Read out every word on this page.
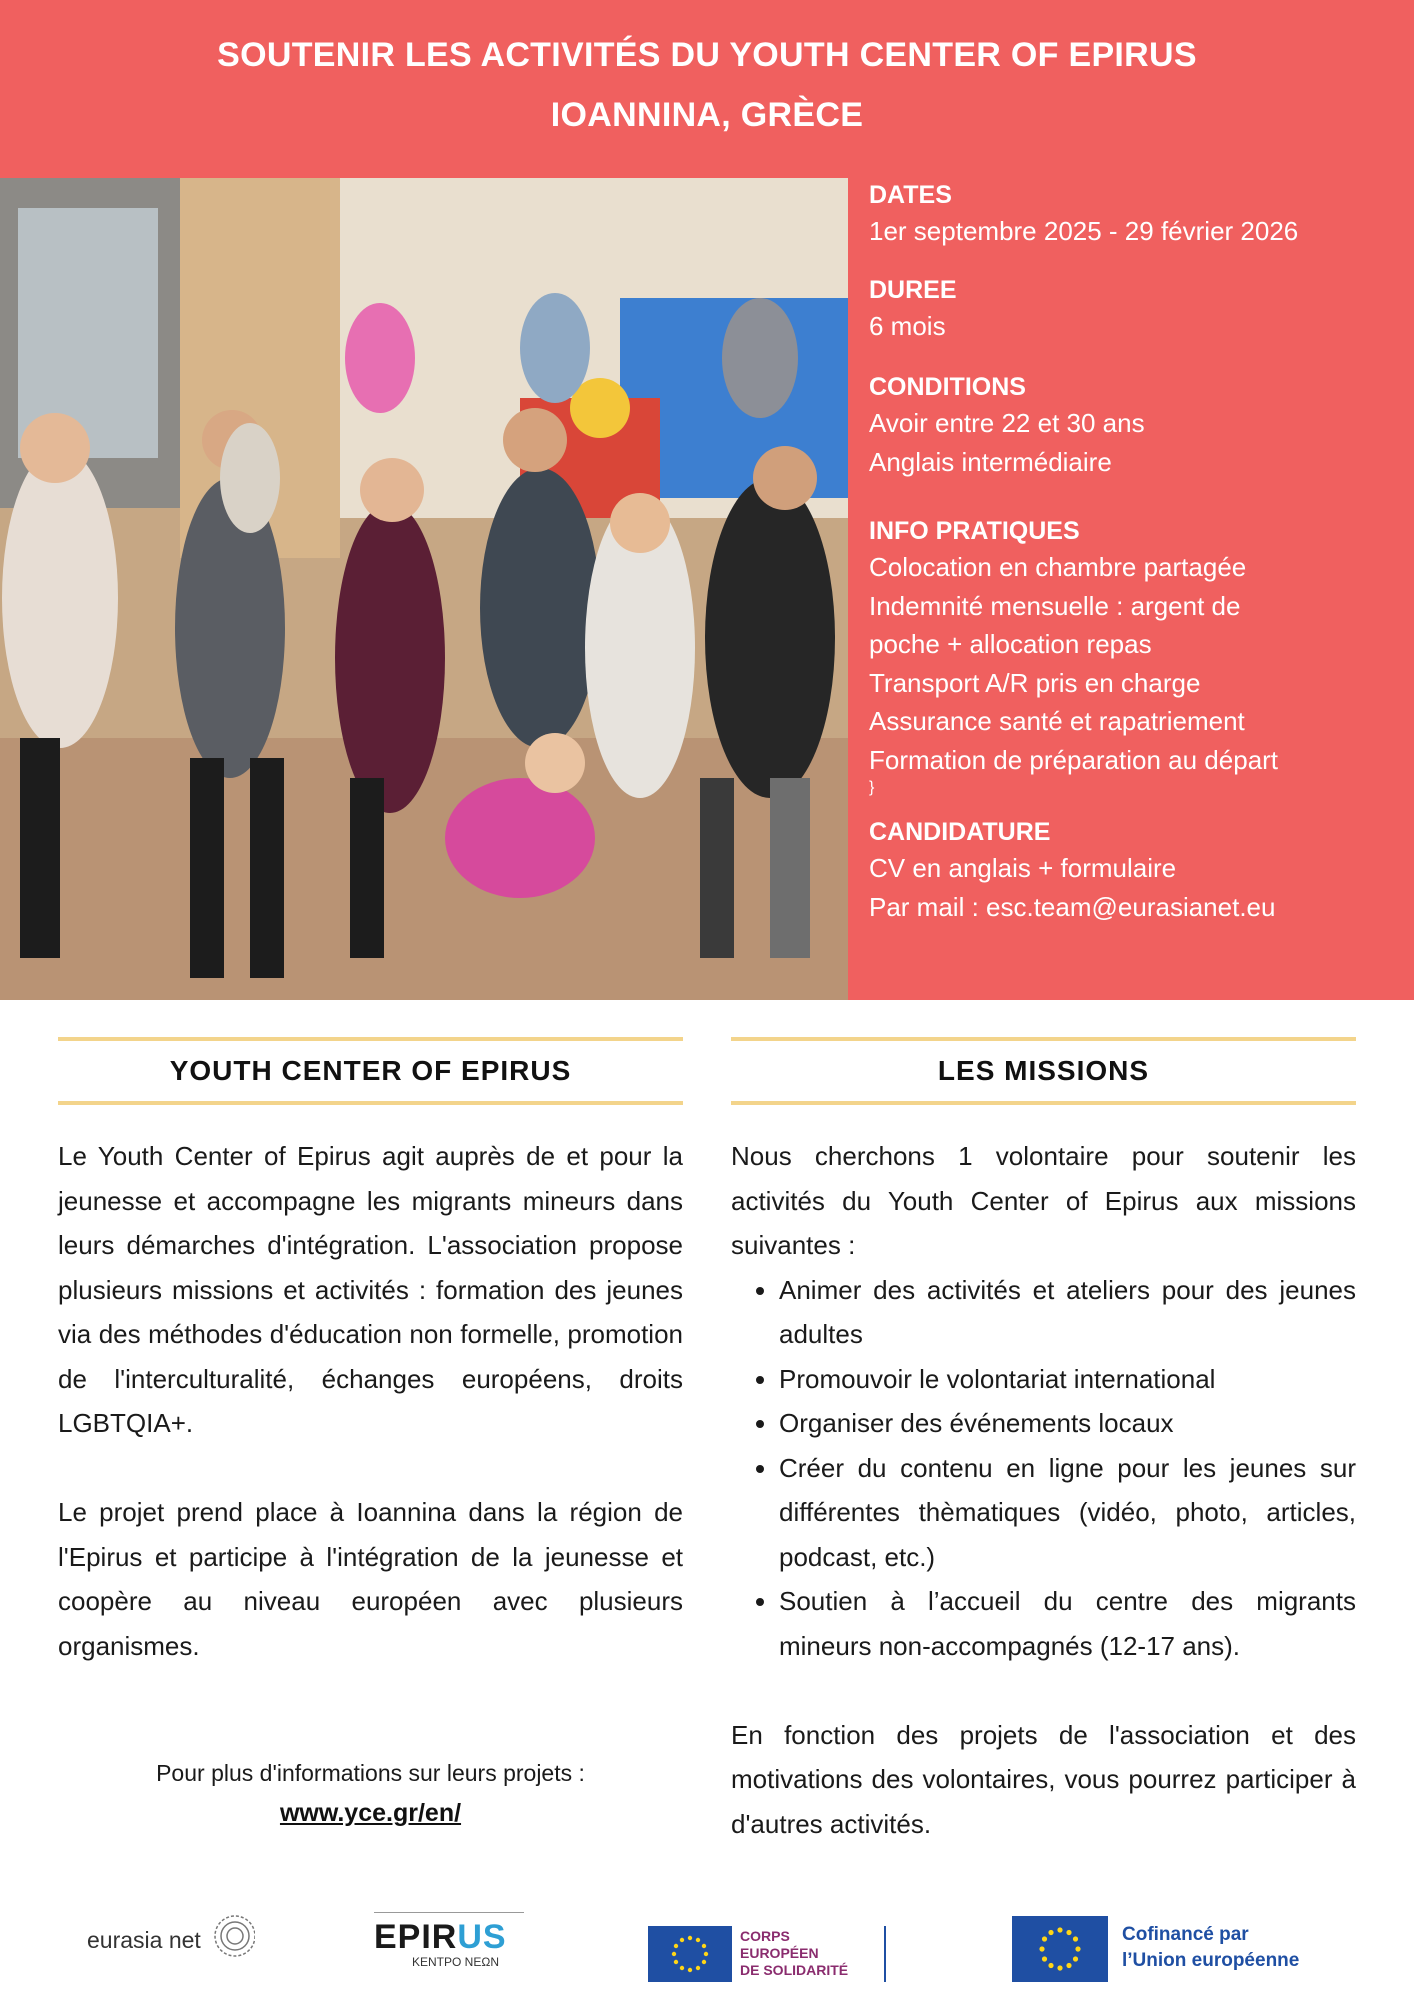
SOUTENIR LES ACTIVITÉS DU YOUTH CENTER OF EPIRUS
IOANNINA, GRÈCE
DATES
1er septembre 2025 - 29 février 2026
DUREE
6 mois
CONDITIONS
Avoir entre 22 et 30 ans
Anglais intermédiaire
INFO PRATIQUES
Colocation en chambre partagée
Indemnité mensuelle : argent de
poche + allocation repas
Transport A/R pris en charge
Assurance santé et rapatriement
Formation de préparation au départ
}
CANDIDATURE
CV en anglais + formulaire
Par mail : esc.team@eurasianet.eu
YOUTH CENTER OF EPIRUS

Le Youth Center of Epirus agit auprès de et pour la jeunesse et accompagne les migrants mineurs dans leurs démarches d'intégration. L'association propose plusieurs missions et activités : formation des jeunes via des méthodes d'éducation non formelle, promotion de l'interculturalité, échanges européens, droits LGBTQIA+.

Le projet prend place à Ioannina dans la région de l'Epirus et participe à l'intégration de la jeunesse et coopère au niveau européen avec plusieurs organismes.

Pour plus d'informations sur leurs projets :
www.yce.gr/en/
LES MISSIONS

Nous cherchons 1 volontaire pour soutenir les activités du Youth Center of Epirus aux missions suivantes :

• Animer des activités et ateliers pour des jeunes adultes
• Promouvoir le volontariat international
• Organiser des événements locaux
• Créer du contenu en ligne pour les jeunes sur différentes thèmatiques (vidéo, photo, articles, podcast, etc.)
• Soutien à l’accueil du centre des migrants mineurs non-accompagnés (12-17 ans).

En fonction des projets de l'association et des motivations des volontaires, vous pourrez participer à d'autres activités.

eurasia net	EPIRUS
ΚΕΝΤΡΟ ΝΕΩΝ
CORPS
EUROPÉEN
DE SOLIDARITÉ
Cofinancé par
l’Union européenne
